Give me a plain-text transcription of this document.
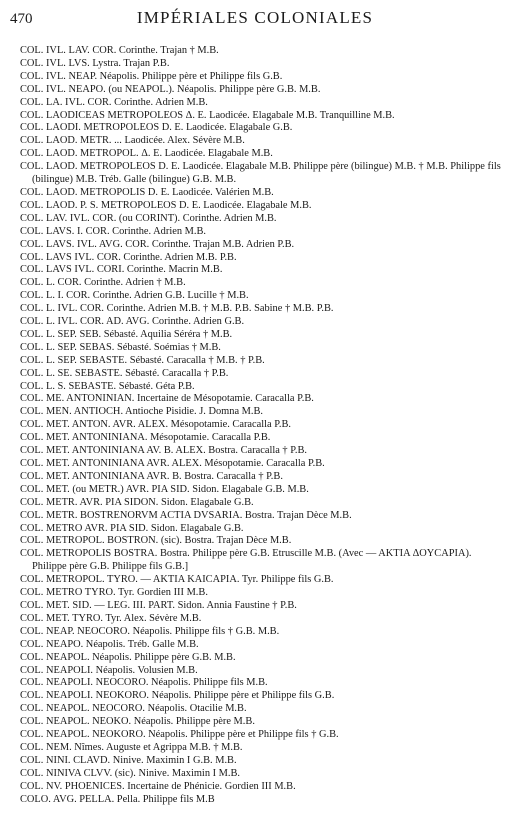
470	IMPÉRIALES COLONIALES
COL. IVL. LAV. COR. Corinthe. Trajan † M.B.
COL. IVL. LVS. Lystra. Trajan P.B.
COL. IVL. NEAP. Néapolis. Philippe père et Philippe fils G.B.
COL. IVL. NEAPO. (ou NEAPOL.). Néapolis. Philippe père G.B. M.B.
COL. LA. IVL. COR. Corinthe. Adrien M.B.
COL. LAODICEAS METROPOLEOS Δ. E. Laodicée. Elagabale M.B. Tranquilline M.B.
COL. LAODI. METROPOLEOS D. E. Laodicée. Elagabale G.B.
COL. LAOD. METR. ... Laodicée. Alex. Sévère M.B.
COL. LAOD. METROPOL. Δ. E. Laodicée. Elagabale M.B.
COL. LAOD. METROPOLEOS D. E. Laodicée. Elagabale M.B. Philippe père (bilingue) M.B. † M.B. Philippe fils (bilingue) M.B. Tréb. Galle (bilingue) G.B. M.B.
COL. LAOD. METROPOLIS D. E. Laodicée. Valérien M.B.
COL. LAOD. P. S. METROPOLEOS D. E. Laodicée. Elagabale M.B.
COL. LAV. IVL. COR. (ou CORINT). Corinthe. Adrien M.B.
COL. LAVS. I. COR. Corinthe. Adrien M.B.
COL. LAVS. IVL. AVG. COR. Corinthe. Trajan M.B. Adrien P.B.
COL. LAVS IVL. COR. Corinthe. Adrien M.B. P.B.
COL. LAVS IVL. CORI. Corinthe. Macrin M.B.
COL. L. COR. Corinthe. Adrien † M.B.
COL. L. I. COR. Corinthe. Adrien G.B. Lucille † M.B.
COL. L. IVL. COR. Corinthe. Adrien M.B. † M.B. P.B. Sabine † M.B. P.B.
COL. L. IVL. COR. AD. AVG. Corinthe. Adrien G.B.
COL. L. SEP. SEB. Sébasté. Aquilia Séréra † M.B.
COL. L. SEP. SEBAS. Sébasté. Soémias † M.B.
COL. L. SEP. SEBASTE. Sébasté. Caracalla † M.B. † P.B.
COL. L. SE. SEBASTE. Sébasté. Caracalla † P.B.
COL. L. S. SEBASTE. Sébasté. Géta P.B.
COL. ME. ANTONINIAN. Incertaine de Mésopotamie. Caracalla P.B.
COL. MEN. ANTIOCH. Antioche Pisidie. J. Domna M.B.
COL. MET. ANTON. AVR. ALEX. Mésopotamie. Caracalla P.B.
COL. MET. ANTONINIANA. Mésopotamie. Caracalla P.B.
COL. MET. ANTONINIANA AV. B. ALEX. Bostra. Caracalla † P.B.
COL. MET. ANTONINIANA AVR. ALEX. Mésopotamie. Caracalla P.B.
COL. MET. ANTONINIANA AVR. B. Bostra. Caracalla † P.B.
COL. MET. (ou METR.) AVR. PIA SID. Sidon. Elagabale G.B. M.B.
COL. METR. AVR. PIA SIDON. Sidon. Elagabale G.B.
COL. METR. BOSTRENORVM ACTIA DVSARIA. Bostra. Trajan Dèce M.B.
COL. METRO AVR. PIA SID. Sidon. Elagabale G.B.
COL. METROPOL. BOSTRON. (sic). Bostra. Trajan Dèce M.B.
COL. METROPOLIS BOSTRA. Bostra. Philippe père G.B. Etruscille M.B. (Avec — AKTIA ΔOYCAPIA). Philippe père G.B. Philippe fils G.B.]
COL. METROPOL. TYRO. — AKTIA KAICAPIA. Tyr. Philippe fils G.B.
COL. METRO TYRO. Tyr. Gordien III M.B.
COL. MET. SID. — LEG. III. PART. Sidon. Annia Faustine † P.B.
COL. MET. TYRO. Tyr. Alex. Sévère M.B.
COL. NEAP. NEOCORO. Néapolis. Philippe fils † G.B. M.B.
COL. NEAPO. Néapolis. Tréb. Galle M.B.
COL. NEAPOL. Néapolis. Philippe père G.B. M.B.
COL. NEAPOLI. Néapolis. Volusien M.B.
COL. NEAPOLI. NEOCORO. Néapolis. Philippe fils M.B.
COL. NEAPOLI. NEOKORO. Néapolis. Philippe père et Philippe fils G.B.
COL. NEAPOL. NEOCORO. Néapolis. Otacilie M.B.
COL. NEAPOL. NEOKO. Néapolis. Philippe père M.B.
COL. NEAPOL. NEOKORO. Néapolis. Philippe père et Philippe fils † G.B.
COL. NEM. Nîmes. Auguste et Agrippa M.B. † M.B.
COL. NINI. CLAVD. Ninive. Maximin I G.B. M.B.
COL. NINIVA CLVV. (sic). Ninive. Maximin I M.B.
COL. NV. PHOENICES. Incertaine de Phénicie. Gordien III M.B.
COLO. AVG. PELLA. Pella. Philippe fils M.B
